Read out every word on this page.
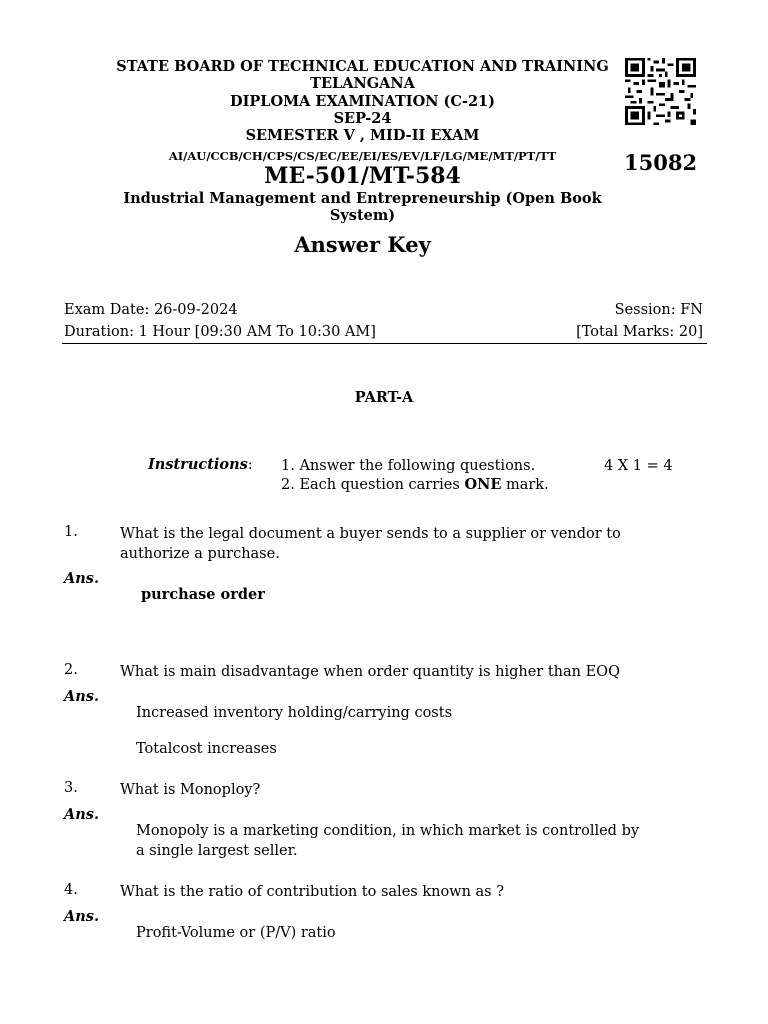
STATE BOARD OF TECHNICAL EDUCATION AND TRAINING
TELANGANA
DIPLOMA EXAMINATION (C-21)
SEP-24
SEMESTER V , MID-II EXAM
AI/AU/CCB/CH/CPS/CS/EC/EE/EI/ES/EV/LF/LG/ME/MT/PT/TT
ME-501/MT-584
Industrial Management and Entrepreneurship (Open Book System)
Answer Key
15082
Exam Date: 26-09-2024	Session: FN
Duration: 1 Hour [09:30 AM To 10:30 AM]	[Total Marks: 20]
PART-A
Instructions: 1. Answer the following questions.
2. Each question carries ONE mark.
4 X 1 = 4
1.	What is the legal document a buyer sends to a supplier or vendor to authorize a purchase.
Ans.
purchase order
2.	What is main disadvantage when order quantity is higher than EOQ
Ans.
Increased inventory holding/carrying costs
Totalcost increases
3.	What is Monoploy?
Ans.
Monopoly is a marketing condition, in which market is controlled by a single largest seller.
4.	What is the ratio of contribution to sales known as ?
Ans.
Profit-Volume or (P/V) ratio
